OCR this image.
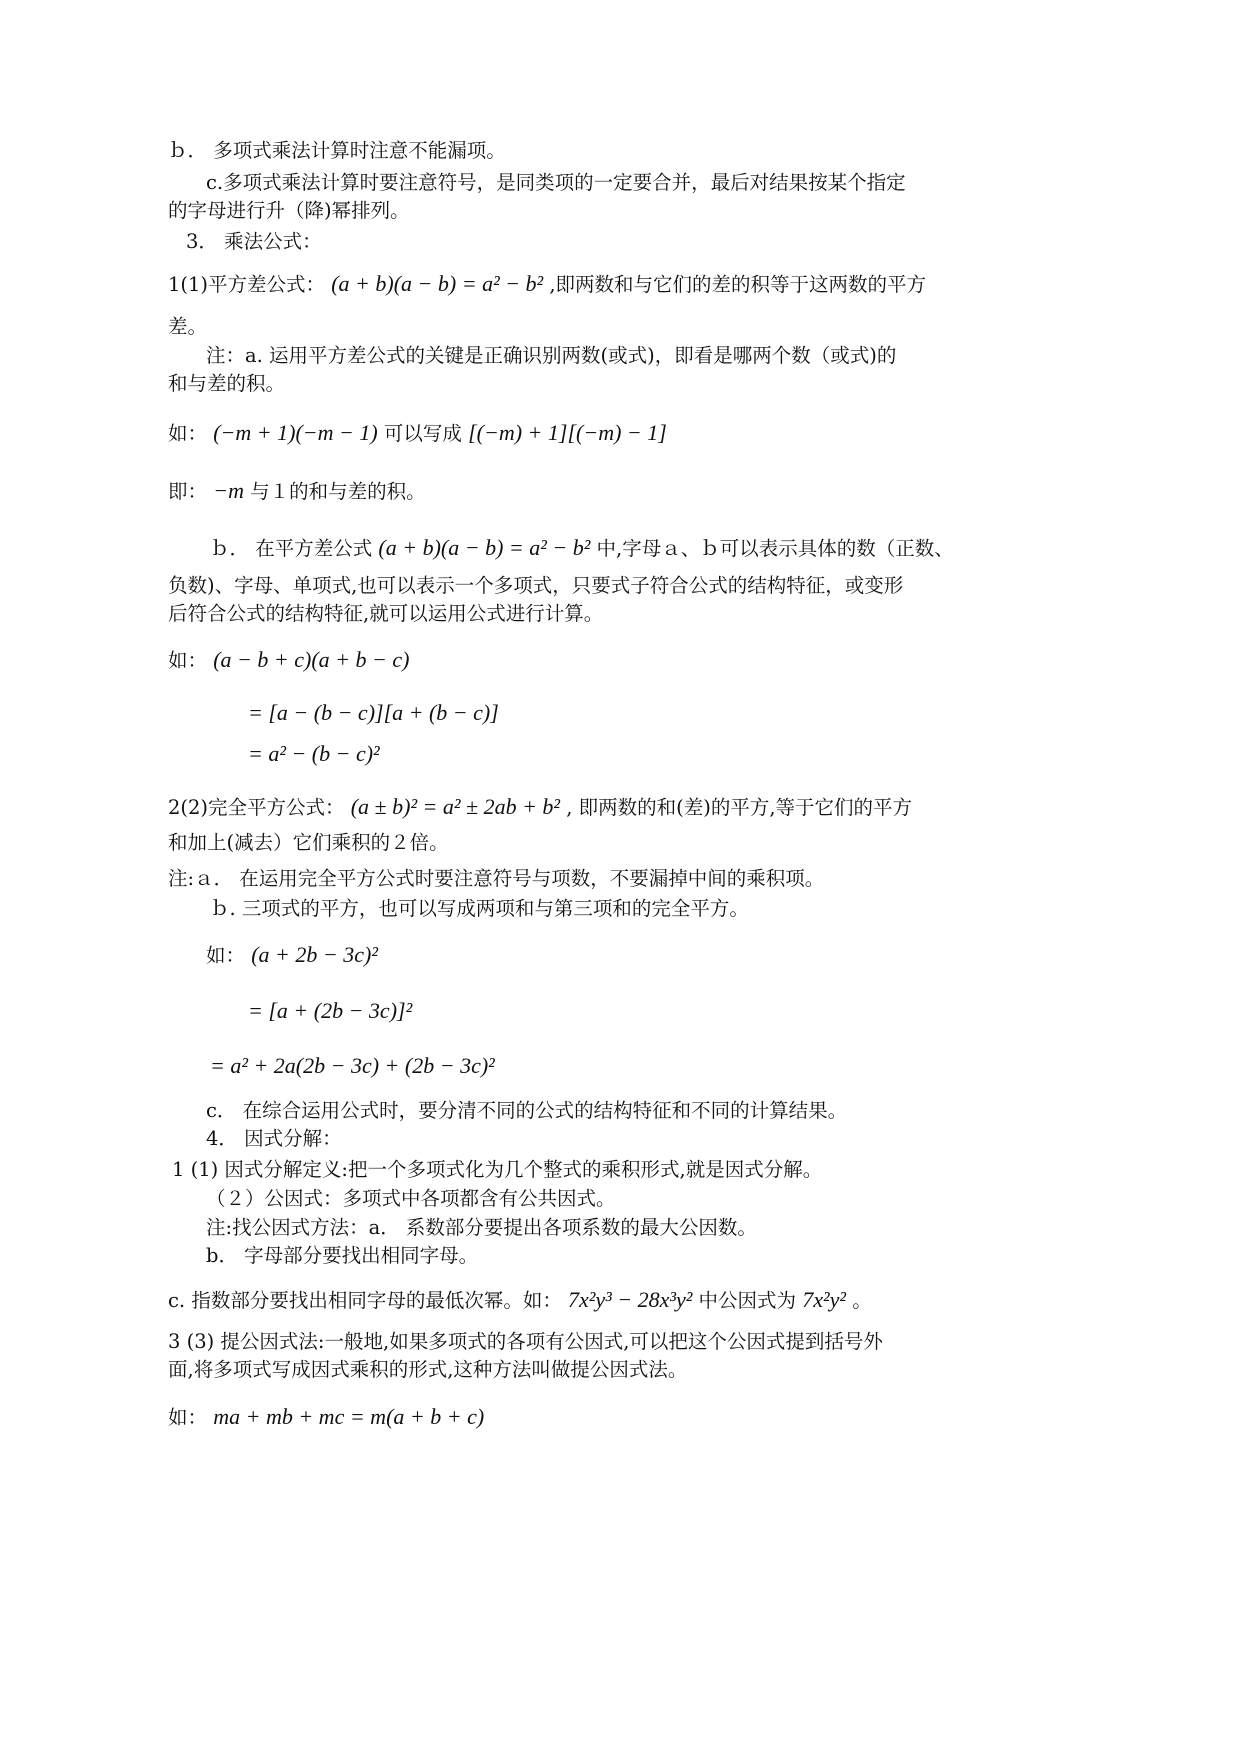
ｂ． 多项式乘法计算时注意不能漏项。
c.多项式乘法计算时要注意符号，是同类项的一定要合并，最后对结果按某个指定
的字母进行升（降)幂排列。
3． 乘法公式：
1(1)平方差公式： (a + b)(a − b) = a² − b² ,即两数和与它们的差的积等于这两数的平方
差。
注：a. 运用平方差公式的关键是正确识别两数(或式)，即看是哪两个数（或式)的
和与差的积。
如： (−m + 1)(−m − 1) 可以写成 [(−m) + 1][(−m) − 1]
即： −m 与１的和与差的积。
ｂ． 在平方差公式 (a + b)(a − b) = a² − b² 中,字母ａ、ｂ可以表示具体的数（正数、
负数)、字母、单项式,也可以表示一个多项式，只要式子符合公式的结构特征，或变形
后符合公式的结构特征,就可以运用公式进行计算。
如： (a − b + c)(a + b − c)
= [a − (b − c)][a + (b − c)]
= a² − (b − c)²
2(2)完全平方公式： (a ± b)² = a² ± 2ab + b² , 即两数的和(差)的平方,等于它们的平方
和加上(减去）它们乘积的２倍。
注:ａ． 在运用完全平方公式时要注意符号与项数，不要漏掉中间的乘积项。
ｂ. 三项式的平方，也可以写成两项和与第三项和的完全平方。
如： (a + 2b − 3c)²
= [a + (2b − 3c)]²
= a² + 2a(2b − 3c) + (2b − 3c)²
c． 在综合运用公式时，要分清不同的公式的结构特征和不同的计算结果。
4． 因式分解：
1 (1) 因式分解定义:把一个多项式化为几个整式的乘积形式,就是因式分解。
（２）公因式：多项式中各项都含有公共因式。
注:找公因式方法：a． 系数部分要提出各项系数的最大公因数。
b． 字母部分要找出相同字母。
c. 指数部分要找出相同字母的最低次幂。如： 7x²y³ − 28x³y² 中公因式为 7x²y² 。
3 (3) 提公因式法:一般地,如果多项式的各项有公因式,可以把这个公因式提到括号外
面,将多项式写成因式乘积的形式,这种方法叫做提公因式法。
如： ma + mb + mc = m(a + b + c)
